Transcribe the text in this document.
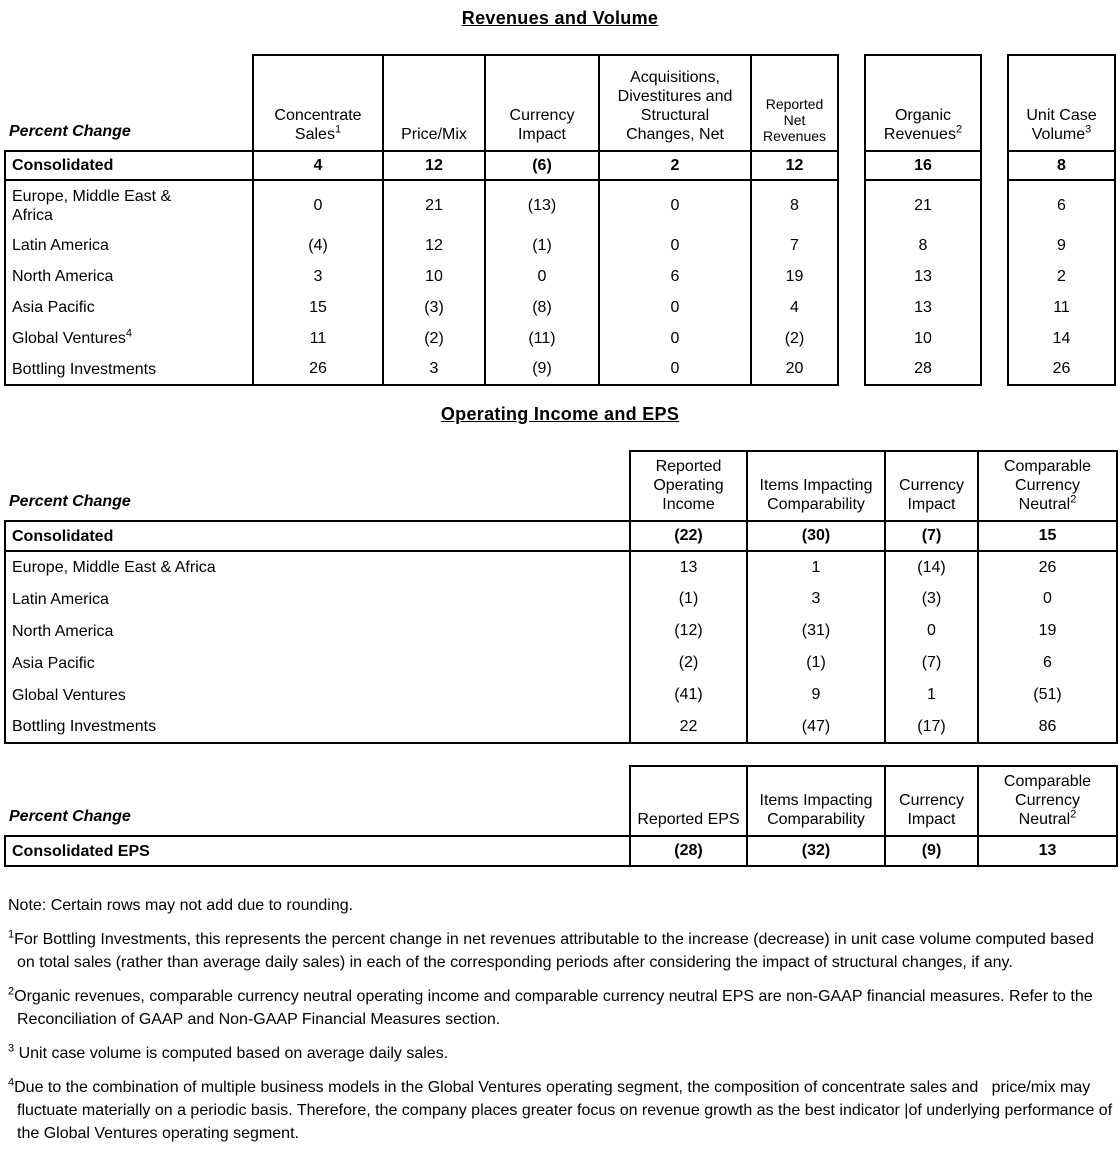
Revenues and Volume
Percent Change	Concentrate Sales$^1$	Price/Mix	Currency Impact	Acquisitions, Divestitures and Structural Changes, Net	Reported Net Revenues		Organic Revenues$^2$		Unit Case Volume$^3$
Consolidated	4	12	(6)	2	12		16		8
Europe, Middle East & Africa	0	21	(13)	0	8		21		6
Latin America	(4)	12	(1)	0	7		8		9
North America	3	10	0	6	19		13		2
Asia Pacific	15	(3)	(8)	0	4		13		11
Global Ventures$^4$	11	(2)	(11)	0	(2)		10		14
Bottling Investments	26	3	(9)	0	20		28		26
Operating Income and EPS
Percent Change	Reported Operating Income	Items Impacting Comparability	Currency Impact	Comparable Currency Neutral$^2$
Consolidated	(22)	(30)	(7)	15
Europe, Middle East & Africa	13	1	(14)	26
Latin America	(1)	3	(3)	0
North America	(12)	(31)	0	19
Asia Pacific	(2)	(1)	(7)	6
Global Ventures	(41)	9	1	(51)
Bottling Investments	22	(47)	(17)	86
Percent Change	Reported EPS	Items Impacting Comparability	Currency Impact	Comparable Currency Neutral$^2$
Consolidated EPS	(28)	(32)	(9)	13
Note: Certain rows may not add due to rounding.
$^1$For Bottling Investments, this represents the percent change in net revenues attributable to the increase (decrease) in unit case volume computed based on total sales (rather than average daily sales) in each of the corresponding periods after considering the impact of structural changes, if any.
$^2$Organic revenues, comparable currency neutral operating income and comparable currency neutral EPS are non-GAAP financial measures. Refer to the Reconciliation of GAAP and Non-GAAP Financial Measures section.
$^3$ Unit case volume is computed based on average daily sales.
$^4$Due to the combination of multiple business models in the Global Ventures operating segment, the composition of concentrate sales and   price/mix may fluctuate materially on a periodic basis. Therefore, the company places greater focus on revenue growth as the best indicator |of underlying performance of the Global Ventures operating segment.
